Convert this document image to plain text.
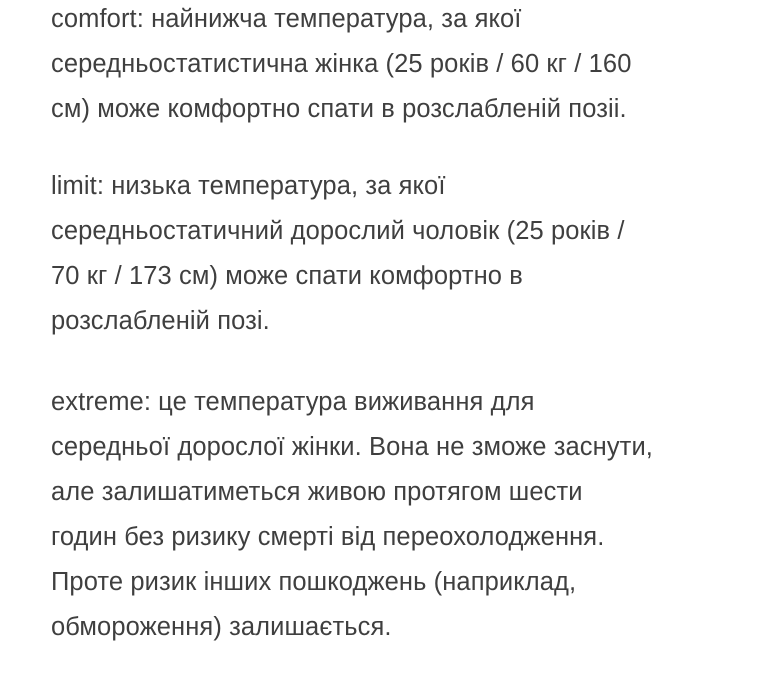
comfort: найнижча температура, за якої
середньостатистична жінка (25 років / 60 кг / 160
см) може комфортно спати в розслабленій позіі.

limit: низька температура, за якої
середньостатичний дорослий чоловік (25 років /
70 кг / 173 см) може спати комфортно в
розслабленій позі.

extreme: це температура виживання для
середньої дорослої жінки. Вона не зможе заснути,
але залишатиметься живою протягом шести
годин без ризику смерті від переохолодження.
Проте ризик інших пошкоджень (наприклад,
обмороження) залишається.
